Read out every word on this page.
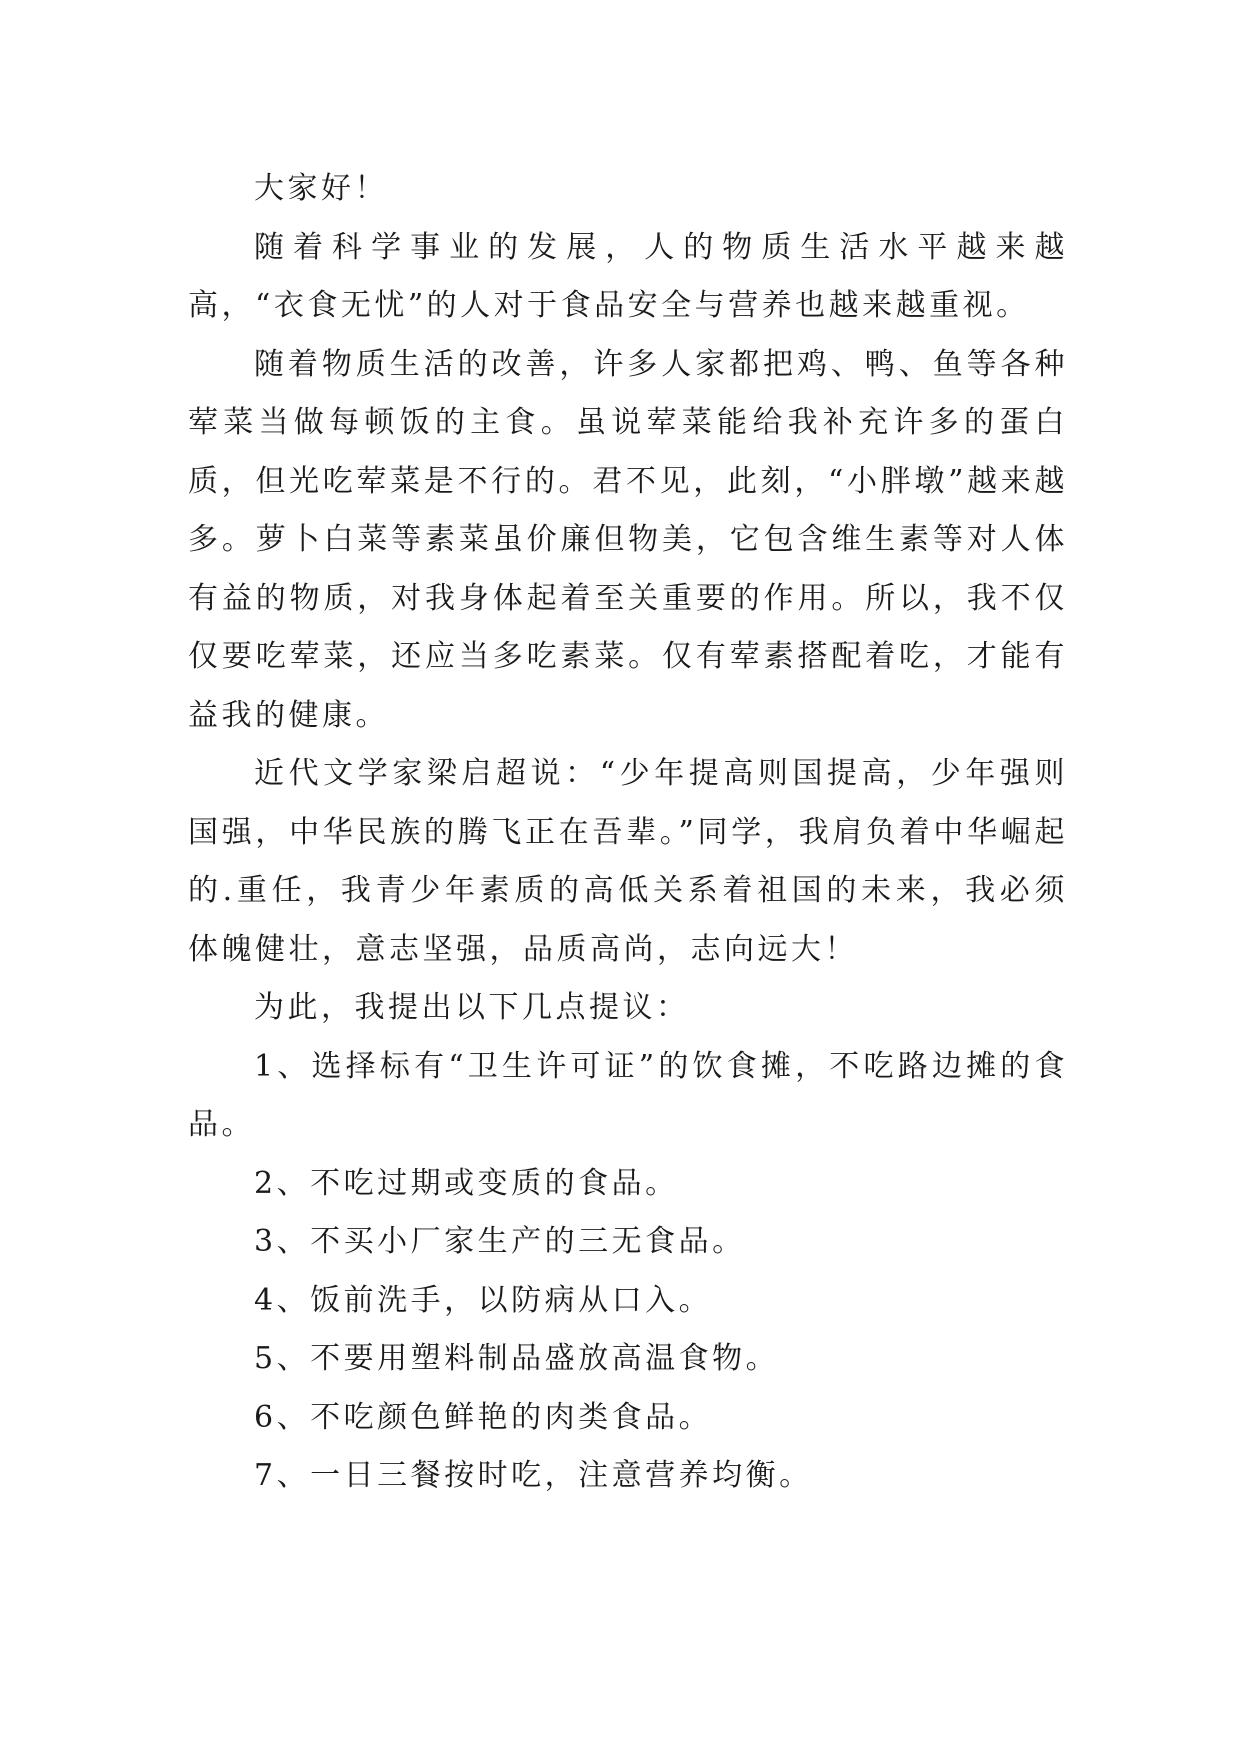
大家好！

随着科学事业的发展，人的物质生活水平越来越高，“衣食无忧”的人对于食品安全与营养也越来越重视。

随着物质生活的改善，许多人家都把鸡、鸭、鱼等各种荤菜当做每顿饭的主食。虽说荤菜能给我补充许多的蛋白质，但光吃荤菜是不行的。君不见，此刻，“小胖墩”越来越多。萝卜白菜等素菜虽价廉但物美，它包含维生素等对人体有益的物质，对我身体起着至关重要的作用。所以，我不仅仅要吃荤菜，还应当多吃素菜。仅有荤素搭配着吃，才能有益我的健康。

近代文学家梁启超说：“少年提高则国提高，少年强则国强，中华民族的腾飞正在吾辈。”同学，我肩负着中华崛起的.重任，我青少年素质的高低关系着祖国的未来，我必须体魄健壮，意志坚强，品质高尚，志向远大！

为此，我提出以下几点提议：

1、选择标有“卫生许可证”的饮食摊，不吃路边摊的食品。

2、不吃过期或变质的食品。

3、不买小厂家生产的三无食品。

4、饭前洗手，以防病从口入。

5、不要用塑料制品盛放高温食物。

6、不吃颜色鲜艳的肉类食品。

7、一日三餐按时吃，注意营养均衡。
